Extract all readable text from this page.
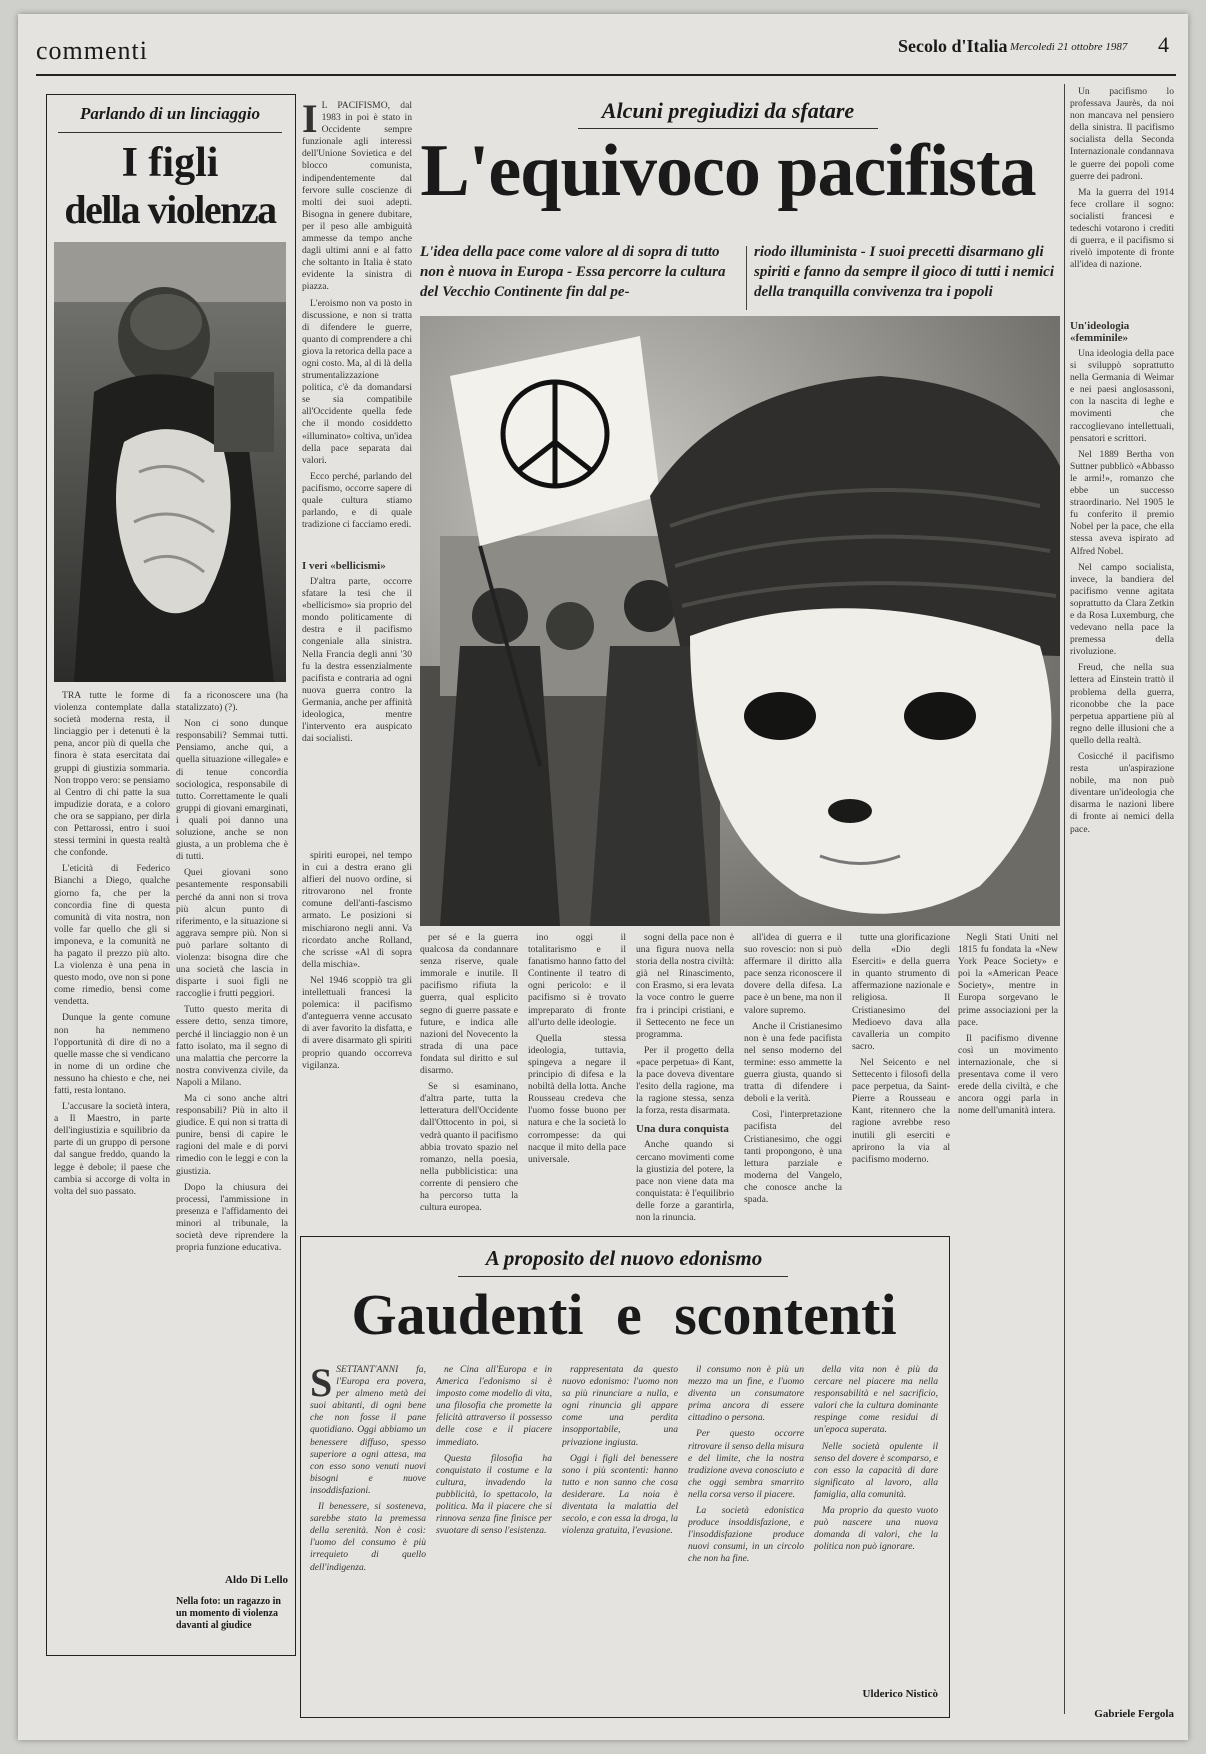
commenti	Secolo d'Italia Mercoledì 21 ottobre 1987 4
Parlando di un linciaggio
I figli
della violenza

TRA tutte le forme di violenza contemplate dalla società moderna resta, il linciaggio per i detenuti è la pena, ancor più di quella che finora è stata esercitata dai gruppi di giustizia sommaria. Non troppo vero: se pensiamo al Centro di chi patte la sua impudizie dorata, e a coloro che ora se sappiano, per dirla con Pettarossi, entro i suoi stessi termini in questa realtà che confonde.

L'eticità di Federico Bianchi a Diego, qualche giorno fa, che per la concordia fine di questa comunità di vita nostra, non volle far quello che gli si imponeva, e la comunità ne ha pagato il prezzo più alto. La violenza è una pena in questo modo, ove non si pone come rimedio, bensì come vendetta.

Dunque la gente comune non ha nemmeno l'opportunità di dire di no a quelle masse che si vendicano in nome di un ordine che nessuno ha chiesto e che, nei fatti, resta lontano.

L'accusare la società intera, a Il Maestro, in parte dell'ingiustizia e squilibrio da parte di un gruppo di persone dal sangue freddo, quando la legge è debole; il paese che cambia si accorge di volta in volta del suo passato.

fa a riconoscere una (ha statalizzato) (?).

Non ci sono dunque responsabili? Semmai tutti. Pensiamo, anche qui, a quella situazione «illegale» e di tenue concordia sociologica, responsabile di tutto. Correttamente le quali gruppi di giovani emarginati, i quali poi danno una soluzione, anche se non giusta, a un problema che è di tutti.

Quei giovani sono pesantemente responsabili perché da anni non si trova più alcun punto di riferimento, e la situazione si aggrava sempre più. Non si può parlare soltanto di violenza: bisogna dire che una società che lascia in disparte i suoi figli ne raccoglie i frutti peggiori.

Tutto questo merita di essere detto, senza timore, perché il linciaggio non è un fatto isolato, ma il segno di una malattia che percorre la nostra convivenza civile, da Napoli a Milano.

Ma ci sono anche altri responsabili? Più in alto il giudice. E qui non si tratta di punire, bensì di capire le ragioni del male e di porvi rimedio con le leggi e con la giustizia.

Dopo la chiusura dei processi, l'ammissione in presenza e l'affidamento dei minori al tribunale, la società deve riprendere la propria funzione educativa.

Aldo Di Lello
Nella foto: un ragazzo in un momento di violenza davanti al giudice
Alcuni pregiudizi da sfatare
L'equivoco pacifista
L'idea della pace come valore al di sopra di tutto non è nuova in Europa - Essa percorre la cultura del Vecchio Continente fin dal pe-
riodo illuminista - I suoi precetti disarmano gli spiriti e fanno da sempre il gioco di tutti i nemici della tranquilla convivenza tra i popoli
I L PACIFISMO, dal 1983 in poi è stato in Occidente sempre funzionale agli interessi dell'Unione Sovietica e del blocco comunista, indipendentemente dal fervore sulle coscienze di molti dei suoi adepti. Bisogna in genere dubitare, per il peso alle ambiguità ammesse da tempo anche dagli ultimi anni e al fatto che soltanto in Italia è stato evidente la sinistra di piazza.

L'eroismo non va posto in discussione, e non si tratta di difendere le guerre, quanto di comprendere a chi giova la retorica della pace a ogni costo. Ma, al di là della strumentalizzazione politica, c'è da domandarsi se sia compatibile all'Occidente quella fede che il mondo cosiddetto «illuminato» coltiva, un'idea della pace separata dai valori.

Ecco perché, parlando del pacifismo, occorre sapere di quale cultura stiamo parlando, e di quale tradizione ci facciamo eredi.

I veri «bellicismi»

D'altra parte, occorre sfatare la tesi che il «bellicismo» sia proprio del mondo politicamente di destra e il pacifismo congeniale alla sinistra. Nella Francia degli anni '30 fu la destra essenzialmente pacifista e contraria ad ogni nuova guerra contro la Germania, anche per affinità ideologica, mentre l'intervento era auspicato dai socialisti.

spiriti europei, nel tempo in cui a destra erano gli alfieri del nuovo ordine, si ritrovarono nel fronte comune dell'anti-fascismo armato. Le posizioni si mischiarono negli anni. Va ricordato anche Rolland, che scrisse «Al di sopra della mischia».

Nel 1946 scoppiò tra gli intellettuali francesi la polemica: il pacifismo d'anteguerra venne accusato di aver favorito la disfatta, e di avere disarmato gli spiriti proprio quando occorreva vigilanza.

per sé e la guerra qualcosa da condannare senza riserve, quale immorale e inutile. Il pacifismo rifiuta la guerra, qual esplicito segno di guerre passate e future, e indica alle nazioni del Novecento la strada di una pace fondata sul diritto e sul disarmo.

Se si esaminano, d'altra parte, tutta la letteratura dell'Occidente dall'Ottocento in poi, si vedrà quanto il pacifismo abbia trovato spazio nel romanzo, nella poesia, nella pubblicistica: una corrente di pensiero che ha percorso tutta la cultura europea.

ino oggi il totalitarismo e il fanatismo hanno fatto del Continente il teatro di ogni pericolo: e il pacifismo si è trovato impreparato di fronte all'urto delle ideologie.

Quella stessa ideologia, tuttavia, spingeva a negare il principio di difesa e la nobiltà della lotta. Anche Rousseau credeva che l'uomo fosse buono per natura e che la società lo corrompesse: da qui nacque il mito della pace universale.

sogni della pace non è una figura nuova nella storia della nostra civiltà: già nel Rinascimento, con Erasmo, si era levata la voce contro le guerre fra i principi cristiani, e il Settecento ne fece un programma.

Per il progetto della «pace perpetua» di Kant, la pace doveva diventare l'esito della ragione, ma la ragione stessa, senza la forza, resta disarmata.

Una dura conquista

Anche quando si cercano movimenti come la giustizia del potere, la pace non viene data ma conquistata: è l'equilibrio delle forze a garantirla, non la rinuncia.

all'idea di guerra e il suo rovescio: non si può affermare il diritto alla pace senza riconoscere il dovere della difesa. La pace è un bene, ma non il valore supremo.

Anche il Cristianesimo non è una fede pacifista nel senso moderno del termine: esso ammette la guerra giusta, quando si tratta di difendere i deboli e la verità.

Così, l'interpretazione pacifista del Cristianesimo, che oggi tanti propongono, è una lettura parziale e moderna del Vangelo, che conosce anche la spada.

tutte una glorificazione della «Dio degli Eserciti» e della guerra in quanto strumento di affermazione nazionale e religiosa. Il Cristianesimo del Medioevo dava alla cavalleria un compito sacro.

Nel Seicento e nel Settecento i filosofi della pace perpetua, da Saint-Pierre a Rousseau e Kant, ritennero che la ragione avrebbe reso inutili gli eserciti e aprirono la via al pacifismo moderno.

Negli Stati Uniti nel 1815 fu fondata la «New York Peace Society» e poi la «American Peace Society», mentre in Europa sorgevano le prime associazioni per la pace.

Il pacifismo divenne così un movimento internazionale, che si presentava come il vero erede della civiltà, e che ancora oggi parla in nome dell'umanità intera.

Un pacifismo lo professava Jaurès, da noi non mancava nel pensiero della sinistra. Il pacifismo socialista della Seconda Internazionale condannava le guerre dei popoli come guerre dei padroni.

Ma la guerra del 1914 fece crollare il sogno: socialisti francesi e tedeschi votarono i crediti di guerra, e il pacifismo si rivelò impotente di fronte all'idea di nazione.

Un'ideologia «femminile»

Una ideologia della pace si sviluppò soprattutto nella Germania di Weimar e nei paesi anglosassoni, con la nascita di leghe e movimenti che raccoglievano intellettuali, pensatori e scrittori.

Nel 1889 Bertha von Suttner pubblicò «Abbasso le armi!», romanzo che ebbe un successo straordinario. Nel 1905 le fu conferito il premio Nobel per la pace, che ella stessa aveva ispirato ad Alfred Nobel.

Nel campo socialista, invece, la bandiera del pacifismo venne agitata soprattutto da Clara Zetkin e da Rosa Luxemburg, che vedevano nella pace la premessa della rivoluzione.

Freud, che nella sua lettera ad Einstein trattò il problema della guerra, riconobbe che la pace perpetua appartiene più al regno delle illusioni che a quello della realtà.

Cosicché il pacifismo resta un'aspirazione nobile, ma non può diventare un'ideologia che disarma le nazioni libere di fronte ai nemici della pace.

Gabriele Fergola
A proposito del nuovo edonismo
Gaudenti e scontenti
S SETTANT'ANNI fa, l'Europa era povera, per almeno metà dei suoi abitanti, di ogni bene che non fosse il pane quotidiano. Oggi abbiamo un benessere diffuso, spesso superiore a ogni attesa, ma con esso sono venuti nuovi bisogni e nuove insoddisfazioni.

Il benessere, si sosteneva, sarebbe stato la premessa della serenità. Non è così: l'uomo del consumo è più irrequieto di quello dell'indigenza.

ne Cina all'Europa e in America l'edonismo si è imposto come modello di vita, una filosofia che promette la felicità attraverso il possesso delle cose e il piacere immediato.

Questa filosofia ha conquistato il costume e la cultura, invadendo la pubblicità, lo spettacolo, la politica. Ma il piacere che si rinnova senza fine finisce per svuotare di senso l'esistenza.

rappresentata da questo nuovo edonismo: l'uomo non sa più rinunciare a nulla, e ogni rinuncia gli appare come una perdita insopportabile, una privazione ingiusta.

Oggi i figli del benessere sono i più scontenti: hanno tutto e non sanno che cosa desiderare. La noia è diventata la malattia del secolo, e con essa la droga, la violenza gratuita, l'evasione.

il consumo non è più un mezzo ma un fine, e l'uomo diventa un consumatore prima ancora di essere cittadino o persona.

Per questo occorre ritrovare il senso della misura e del limite, che la nostra tradizione aveva conosciuto e che oggi sembra smarrito nella corsa verso il piacere.

La società edonistica produce insoddisfazione, e l'insoddisfazione produce nuovi consumi, in un circolo che non ha fine.

della vita non è più da cercare nel piacere ma nella responsabilità e nel sacrificio, valori che la cultura dominante respinge come residui di un'epoca superata.

Nelle società opulente il senso del dovere è scomparso, e con esso la capacità di dare significato al lavoro, alla famiglia, alla comunità.

Ma proprio da questo vuoto può nascere una nuova domanda di valori, che la politica non può ignorare.

Ulderico Nisticò
